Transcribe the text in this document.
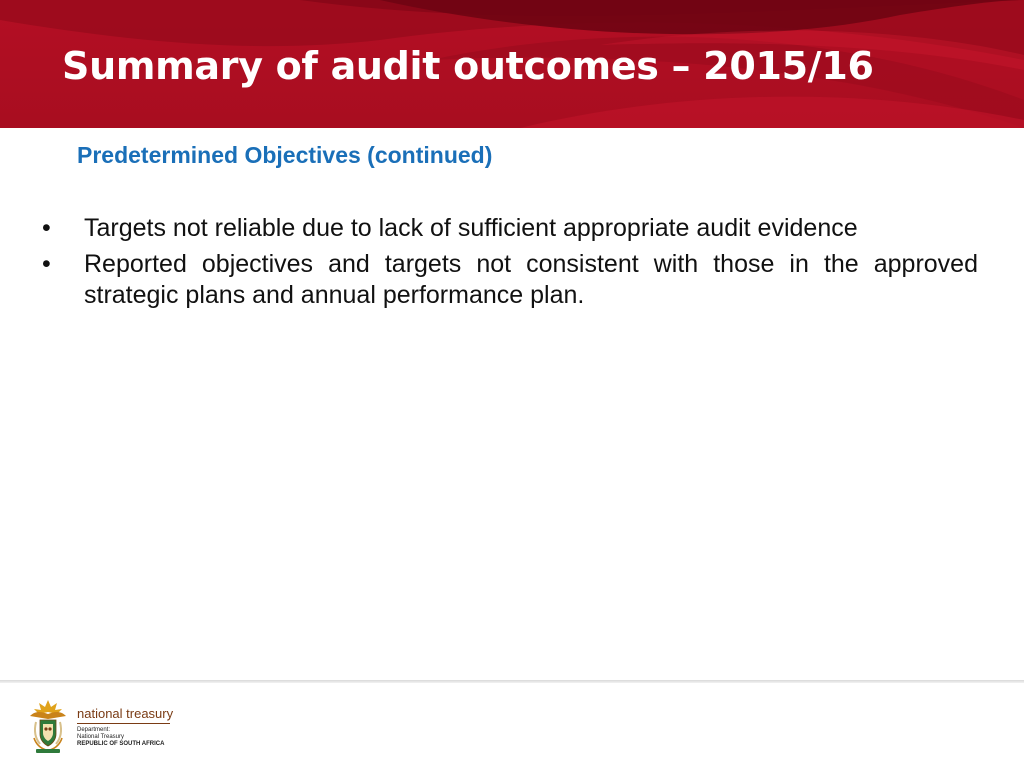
Summary of audit outcomes – 2015/16
Predetermined Objectives (continued)
• Targets not reliable due to lack of sufficient appropriate audit evidence
• Reported objectives and targets not consistent with those in the approved strategic plans and annual performance plan.
national treasury
Department:
National Treasury
REPUBLIC OF SOUTH AFRICA
